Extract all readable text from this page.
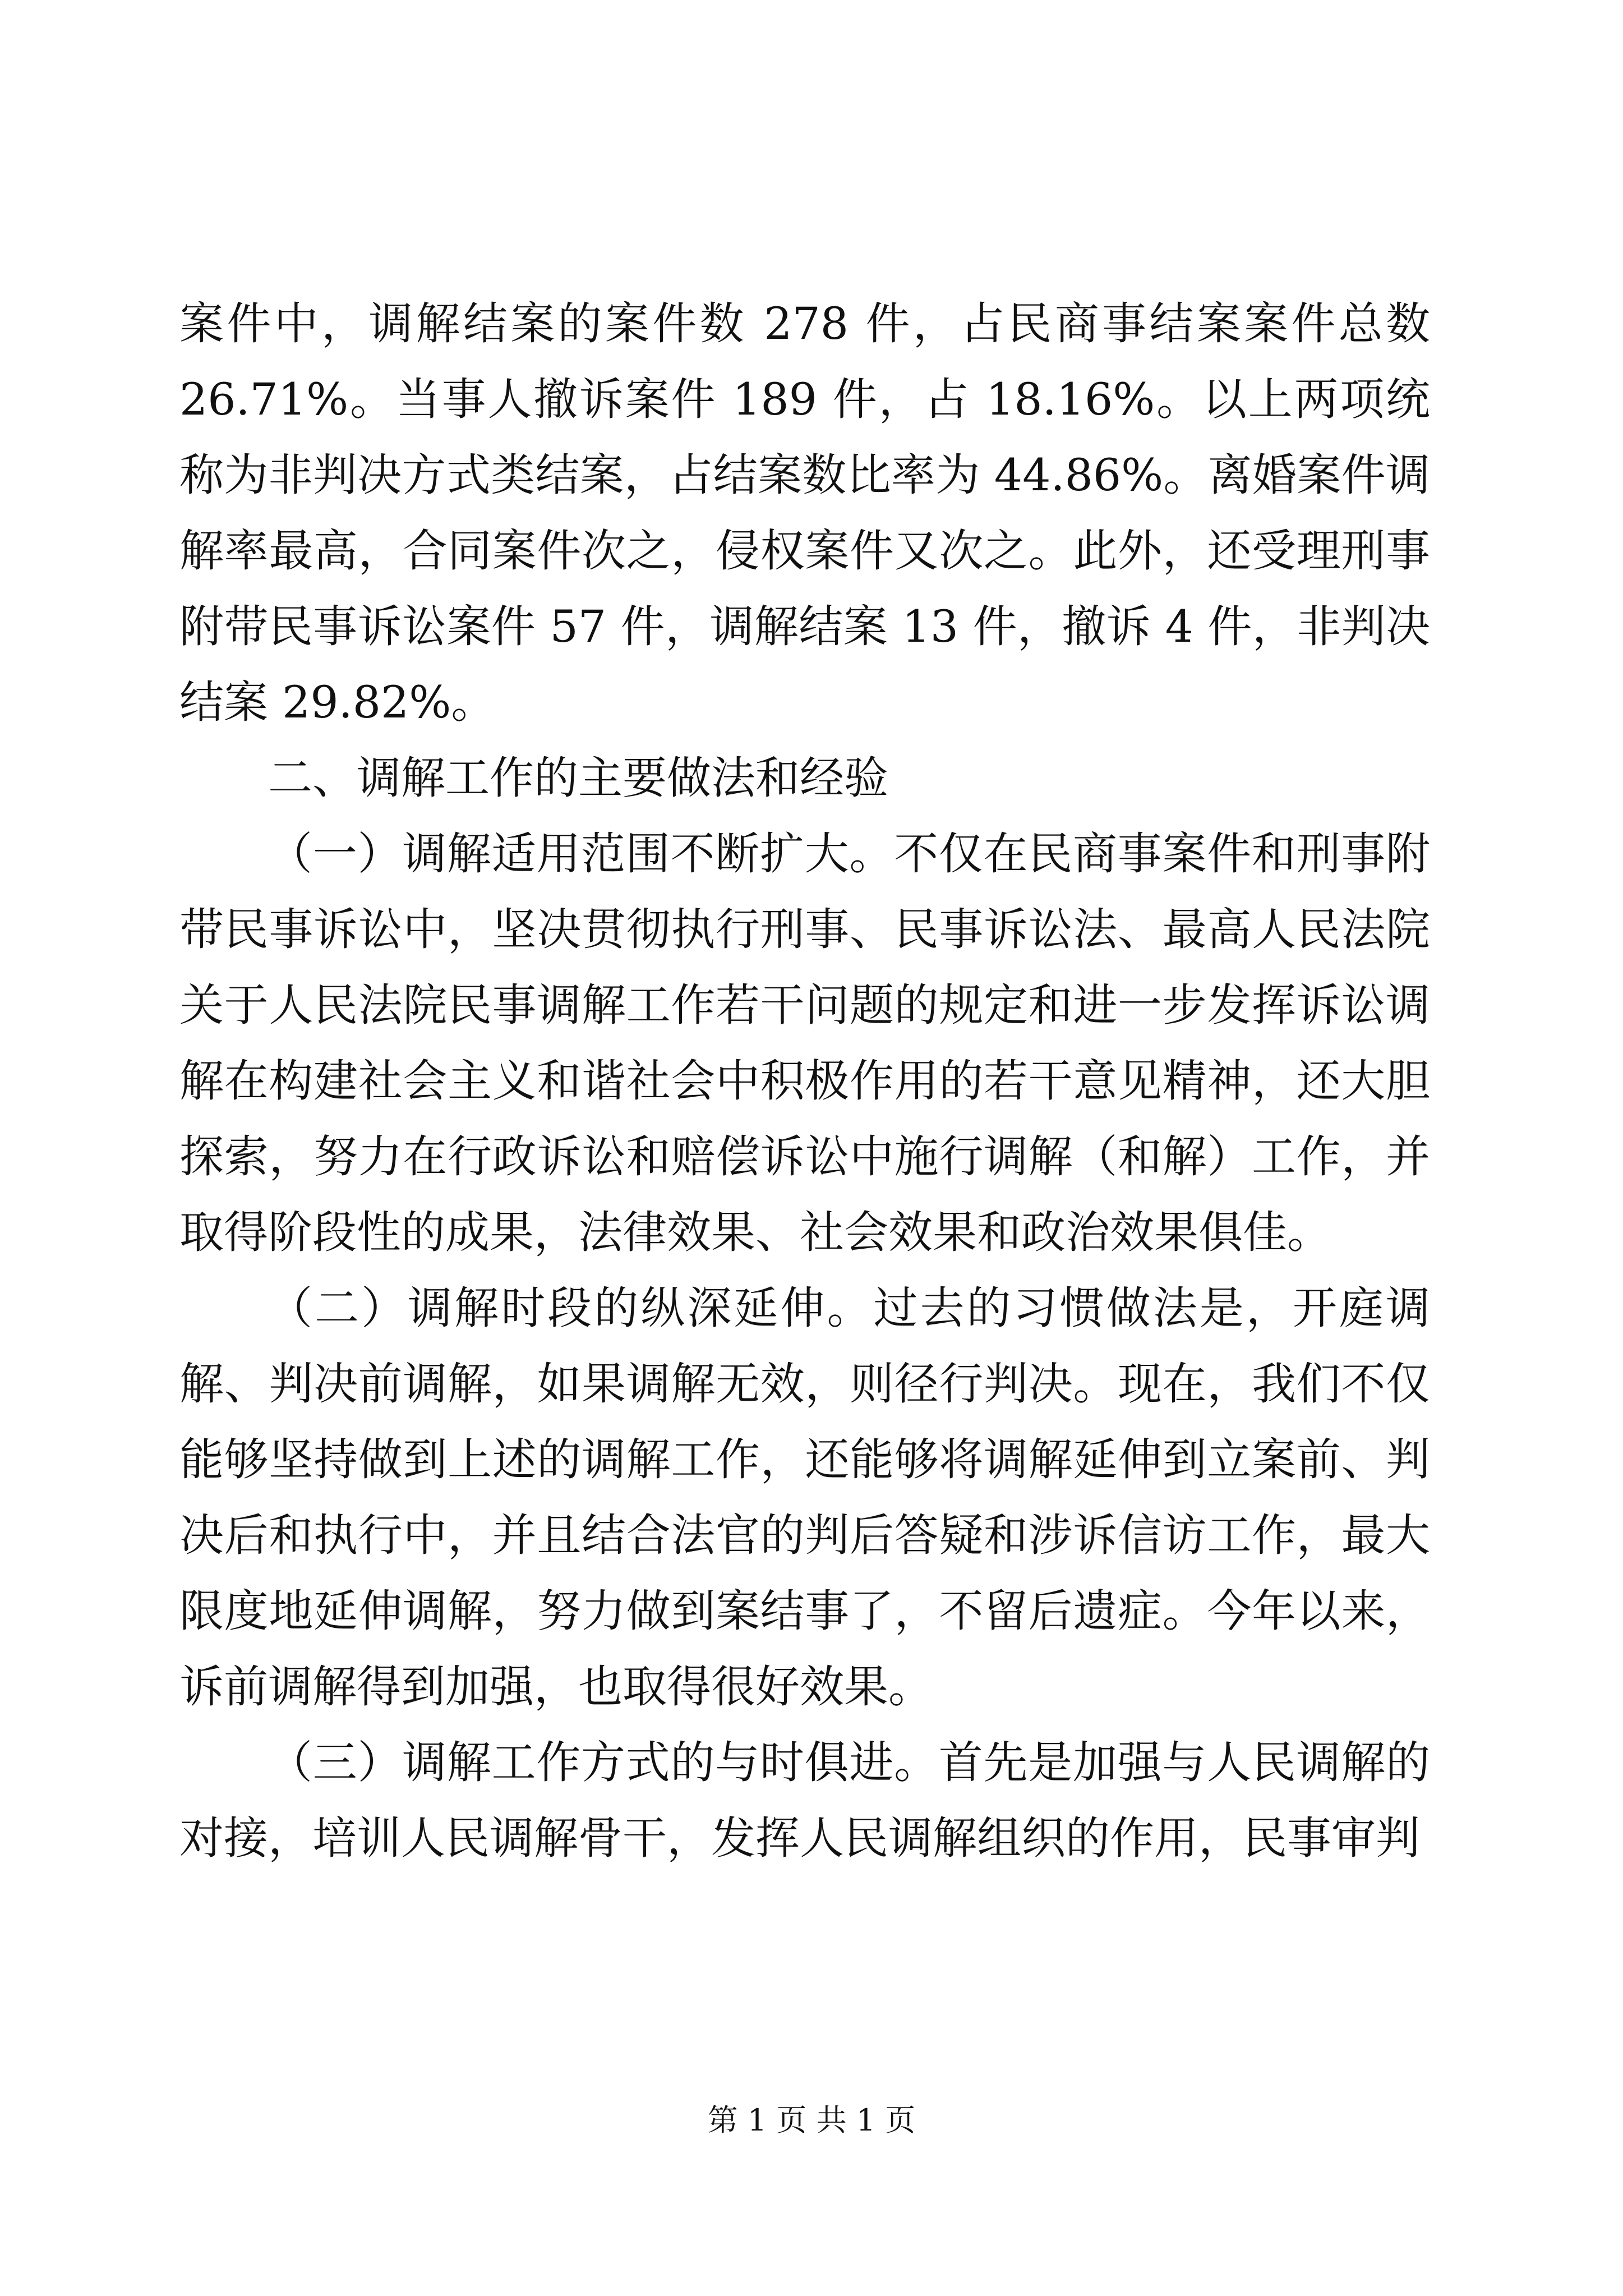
案件中，调解结案的案件数 278 件，占民商事结案案件总数 26.71%。当事人撤诉案件 189 件，占 18.16%。以上两项统称为非判决方式类结案，占结案数比率为 44.86%。离婚案件调解率最高，合同案件次之，侵权案件又次之。此外，还受理刑事附带民事诉讼案件 57 件，调解结案 13 件，撤诉 4 件，非判决结案 29.82%。

二、调解工作的主要做法和经验

（一）调解适用范围不断扩大。不仅在民商事案件和刑事附带民事诉讼中，坚决贯彻执行刑事、民事诉讼法、最高人民法院关于人民法院民事调解工作若干问题的规定和进一步发挥诉讼调解在构建社会主义和谐社会中积极作用的若干意见精神，还大胆探索，努力在行政诉讼和赔偿诉讼中施行调解（和解）工作，并取得阶段性的成果，法律效果、社会效果和政治效果俱佳。

（二）调解时段的纵深延伸。过去的习惯做法是，开庭调解、判决前调解，如果调解无效，则径行判决。现在，我们不仅能够坚持做到上述的调解工作，还能够将调解延伸到立案前、判决后和执行中，并且结合法官的判后答疑和涉诉信访工作，最大限度地延伸调解，努力做到案结事了，不留后遗症。今年以来，诉前调解得到加强，也取得很好效果。

（三）调解工作方式的与时俱进。首先是加强与人民调解的对接，培训人民调解骨干，发挥人民调解组织的作用，民事审判

第 1 页 共 1 页
